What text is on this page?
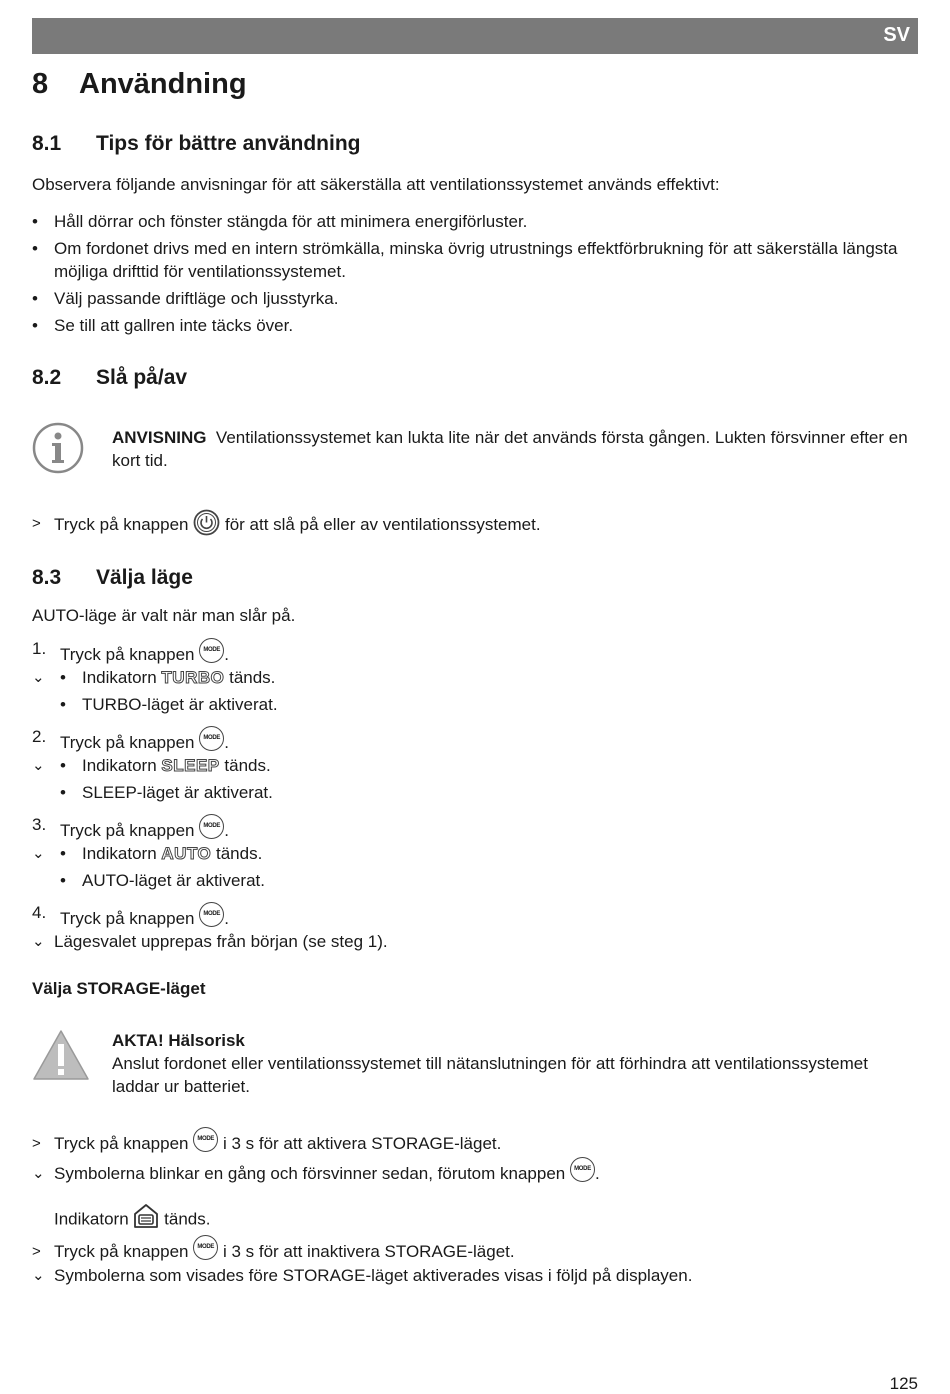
SV
8 Användning
8.1 Tips för bättre användning
Observera följande anvisningar för att säkerställa att ventilationssystemet används effektivt:
• Håll dörrar och fönster stängda för att minimera energiförluster.
• Om fordonet drivs med en intern strömkälla, minska övrig utrustnings effektförbrukning för att säkerställa längsta möjliga drifttid för ventilationssystemet.
• Välj passande driftläge och ljusstyrka.
• Se till att gallren inte täcks över.
8.2 Slå på/av
ANVISNING Ventilationssystemet kan lukta lite när det används första gången. Lukten försvinner efter en kort tid.
> Tryck på knappen för att slå på eller av ventilationssystemet.
8.3 Välja läge
AUTO-läge är valt när man slår på.
1. Tryck på knappen MODE .
⌄	• Indikatorn TURBO tänds.
• TURBO-läget är aktiverat.
2. Tryck på knappen MODE .
⌄	• Indikatorn SLEEP tänds.
• SLEEP-läget är aktiverat.
3. Tryck på knappen MODE .
⌄	• Indikatorn AUTO tänds.
• AUTO-läget är aktiverat.
4. Tryck på knappen MODE .
⌄ Lägesvalet upprepas från början (se steg 1).
Välja STORAGE-läget
AKTA! Hälsorisk
Anslut fordonet eller ventilationssystemet till nätanslutningen för att förhindra att ventilationssystemet laddar ur batteriet.
> Tryck på knappen MODE i 3 s för att aktivera STORAGE-läget.
⌄ Symbolerna blinkar en gång och försvinner sedan, förutom knappen MODE .
Indikatorn tänds.
> Tryck på knappen MODE i 3 s för att inaktivera STORAGE-läget.
⌄ Symbolerna som visades före STORAGE-läget aktiverades visas i följd på displayen.
125
